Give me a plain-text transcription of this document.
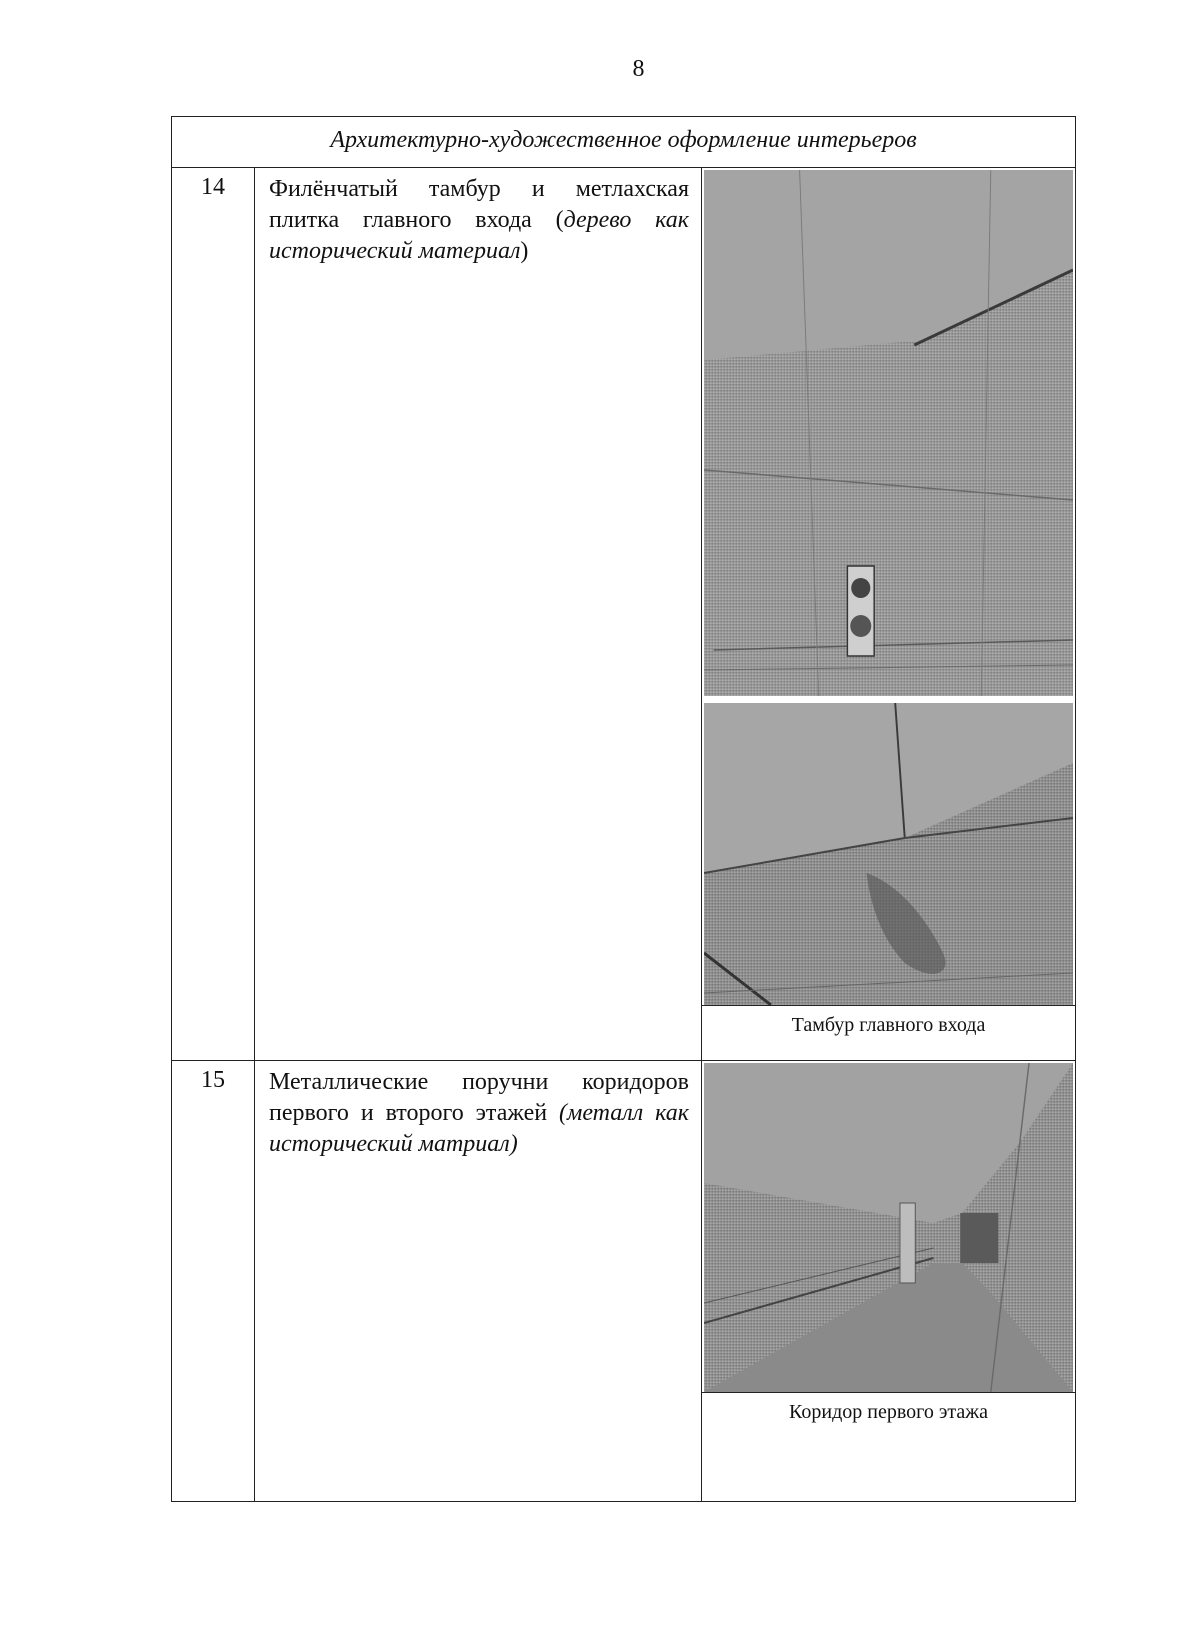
8
Архитектурно-художественное оформление интерьеров
14	Филёнчатый тамбур и метлахская плитка главного входа (дерево как исторический материал)
Тамбур главного входа
15	Металлические поручни коридоров первого и второго этажей (металл как исторический матриал)
Коридор первого этажа
